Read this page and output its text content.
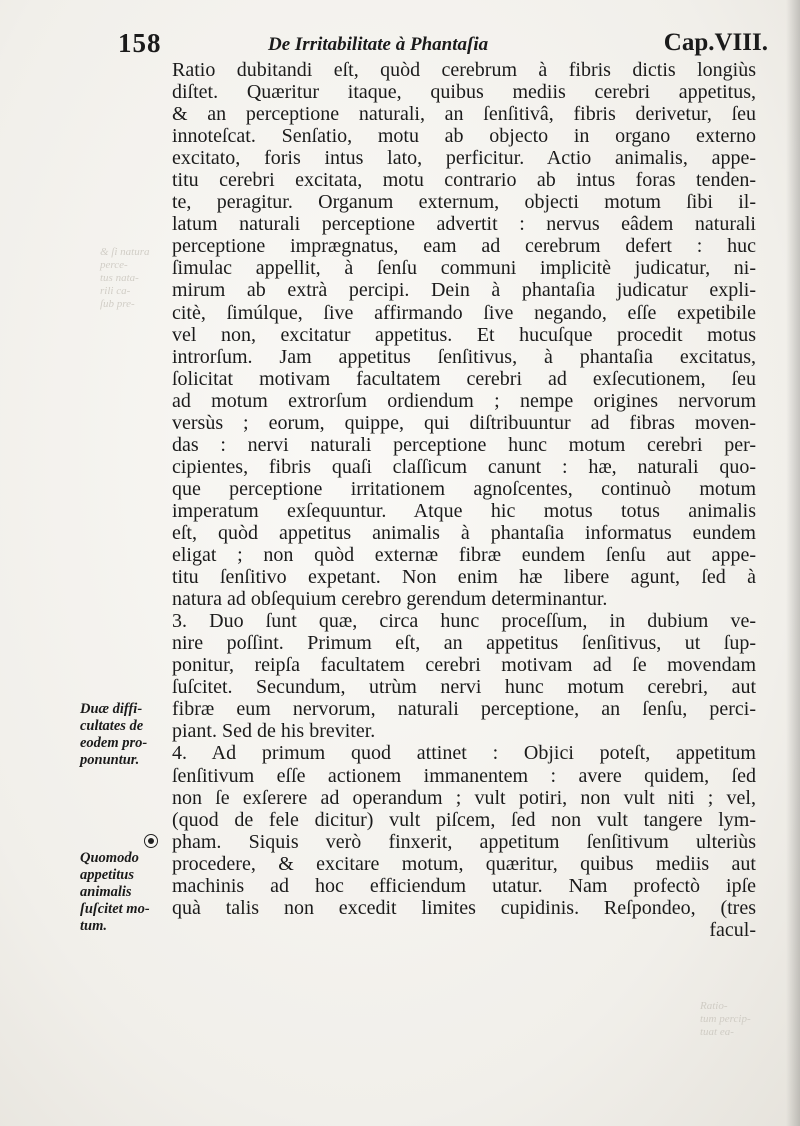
158	De Irritabilitate à Phantaſia	Cap.VIII.
& ſi natura
perce-
tus nata-
rili ca-
ſub pre-
Ratio-
tum percip-
tuat ea-
Ratio dubitandi eſt, quòd cerebrum à fibris dictis longiùs
diſtet. Quæritur itaque, quibus mediis cerebri appetitus,
& an perceptione naturali, an ſenſitivâ, fibris derivetur, ſeu
innoteſcat. Senſatio, motu ab objecto in organo externo
excitato, foris intus lato, perficitur. Actio animalis, appe-
titu cerebri excitata, motu contrario ab intus foras tenden-
te, peragitur. Organum externum, objecti motum ſibi il-
latum naturali perceptione advertit : nervus eâdem naturali
perceptione imprægnatus, eam ad cerebrum defert : huc
ſimulac appellit, à ſenſu communi implicitè judicatur, ni-
mirum ab extrà percipi. Dein à phantaſia judicatur expli-
citè, ſimúlque, ſive affirmando ſive negando, eſſe expetibile
vel non, excitatur appetitus. Et hucuſque procedit motus
introrſum. Jam appetitus ſenſitivus, à phantaſia excitatus,
ſolicitat motivam facultatem cerebri ad exſecutionem, ſeu
ad motum extrorſum ordiendum ; nempe origines nervorum
versùs ; eorum, quippe, qui diſtribuuntur ad fibras moven-
das : nervi naturali perceptione hunc motum cerebri per-
cipientes, fibris quaſi claſſicum canunt : hæ, naturali quo-
que perceptione irritationem agnoſcentes, continuò motum
imperatum exſequuntur. Atque hic motus totus animalis
eſt, quòd appetitus animalis à phantaſia informatus eundem
eligat ; non quòd externæ fibræ eundem ſenſu aut appe-
titu ſenſitivo expetant. Non enim hæ libere agunt, ſed à
natura ad obſequium cerebro gerendum determinantur.
3. Duo ſunt quæ, circa hunc proceſſum, in dubium ve-
nire poſſint. Primum eſt, an appetitus ſenſitivus, ut ſup-
ponitur, reipſa facultatem cerebri motivam ad ſe movendam
ſuſcitet. Secundum, utrùm nervi hunc motum cerebri, aut
fibræ eum nervorum, naturali perceptione, an ſenſu, perci-
piant. Sed de his breviter.
4. Ad primum quod attinet : Objici poteſt, appetitum
ſenſitivum eſſe actionem immanentem : avere quidem, ſed
non ſe exſerere ad operandum ; vult potiri, non vult niti ; vel,
(quod de fele dicitur) vult piſcem, ſed non vult tangere lym-
pham. Siquis verò finxerit, appetitum ſenſitivum ulteriùs
procedere, & excitare motum, quæritur, quibus mediis aut
machinis ad hoc efficiendum utatur. Nam profectò ipſe
quà talis non excedit limites cupidinis. Reſpondeo, (tres
facul-
Duæ diffi-
cultates de
eodem pro-
ponuntur.
Quomodo
appetitus
animalis
ſuſcitet mo-
tum.
